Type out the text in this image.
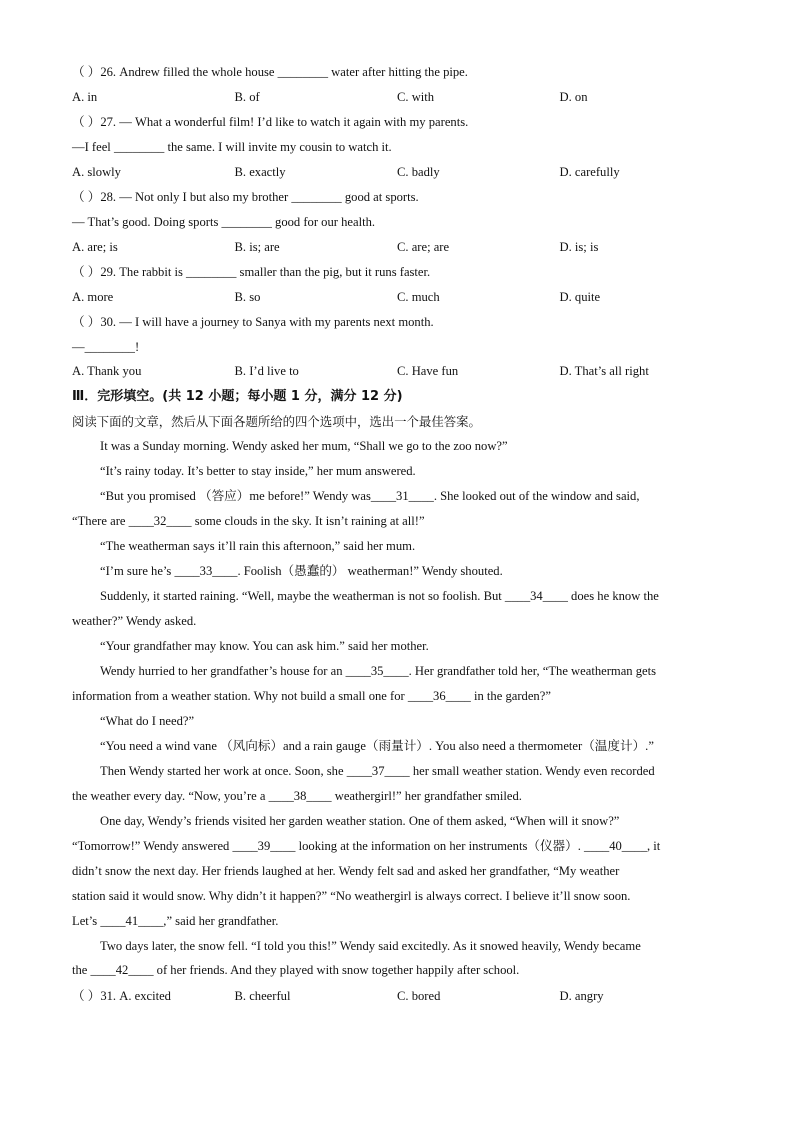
（ ）26. Andrew filled the whole house ________ water after hitting the pipe.
A. in	B. of	C. with	D. on
（ ）27. — What a wonderful film! I’d like to watch it again with my parents.
—I feel ________ the same. I will invite my cousin to watch it.
A. slowly	B. exactly	C. badly	D. carefully
（ ）28. — Not only I but also my brother ________ good at sports.
— That’s good. Doing sports ________ good for our health.
A. are; is	B. is; are	C. are; are	D. is; is
（ ）29. The rabbit is ________ smaller than the pig, but it runs faster.
A. more	B. so	C. much	D. quite
（ ）30. — I will have a journey to Sanya with my parents next month.
—________!
A. Thank you	B. I’d live to	C. Have fun	D. That’s all right
Ⅲ．完形填空。(共 12 小题；每小题 1 分，满分 12 分)
阅读下面的文章，然后从下面各题所给的四个选项中，选出一个最佳答案。
It was a Sunday morning. Wendy asked her mum, “Shall we go to the zoo now?”
“It’s rainy today. It’s better to stay inside,” her mum answered.
“But you promised （答应）me before!” Wendy was____31____. She looked out of the window and said,
“There are ____32____ some clouds in the sky. It isn’t raining at all!”
“The weatherman says it’ll rain this afternoon,” said her mum.
“I’m sure he’s ____33____. Foolish（愚蠢的） weatherman!” Wendy shouted.
Suddenly, it started raining. “Well, maybe the weatherman is not so foolish. But ____34____ does he know the
weather?” Wendy asked.
“Your grandfather may know. You can ask him.” said her mother.
Wendy hurried to her grandfather’s house for an ____35____. Her grandfather told her, “The weatherman gets
information from a weather station. Why not build a small one for ____36____ in the garden?”
“What do I need?”
“You need a wind vane （风向标）and a rain gauge（雨量计）. You also need a thermometer（温度计）.”
Then Wendy started her work at once. Soon, she ____37____ her small weather station. Wendy even recorded
the weather every day. “Now, you’re a ____38____ weathergirl!” her grandfather smiled.
One day, Wendy’s friends visited her garden weather station. One of them asked, “When will it snow?”
“Tomorrow!” Wendy answered ____39____ looking at the information on her instruments（仪器）. ____40____, it
didn’t snow the next day. Her friends laughed at her. Wendy felt sad and asked her grandfather, “My weather
station said it would snow. Why didn’t it happen?” “No weathergirl is always correct. I believe it’ll snow soon.
Let’s ____41____,” said her grandfather.
Two days later, the snow fell. “I told you this!” Wendy said excitedly. As it snowed heavily, Wendy became
the ____42____ of her friends. And they played with snow together happily after school.
（ ）31. A. excited	B. cheerful	C. bored	D. angry
